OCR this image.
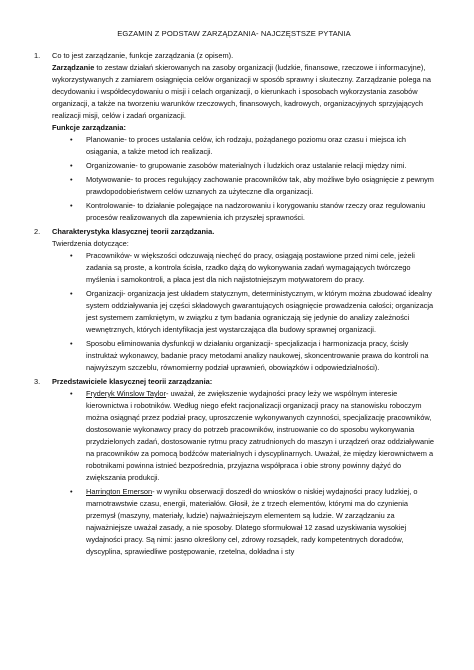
EGZAMIN Z PODSTAW ZARZĄDZANIA- NAJCZĘSTSZE PYTANIA
1.	Co to jest zarządzanie, funkcje zarządzania (z opisem).

Zarządzanie to zestaw działań skierowanych na zasoby organizacji (ludzkie, finansowe, rzeczowe i informacyjne), wykorzystywanych z zamiarem osiągnięcia celów organizacji w sposób sprawny i skuteczny. Zarządzanie polega na decydowaniu i współdecydowaniu o misji i celach organizacji, o kierunkach i sposobach wykorzystania zasobów organizacji, a także na tworzeniu warunków rzeczowych, finansowych, kadrowych, organizacyjnych sprzyjających realizacji misji, celów i zadań organizacji.

Funkcje zarządzania:
• Planowanie- to proces ustalania celów, ich rodzaju, pożądanego poziomu oraz czasu i miejsca ich osiągania, a także metod ich realizacji.
• Organizowanie- to grupowanie zasobów materialnych i ludzkich oraz ustalanie relacji między nimi.
• Motywowanie- to proces regulujący zachowanie pracowników tak, aby możliwe było osiągnięcie z pewnym prawdopodobieństwem celów uznanych za użyteczne dla organizacji.
• Kontrolowanie- to działanie polegające na nadzorowaniu i korygowaniu stanów rzeczy oraz regulowaniu procesów realizowanych dla zapewnienia ich przyszłej sprawności.
2.	Charakterystyka klasycznej teorii zarządzania.
Twierdzenia dotyczące:
• Pracowników- w większości odczuwają niechęć do pracy, osiągają postawione przed nimi cele, jeżeli zadania są proste, a kontrola ścisła, rzadko dążą do wykonywania zadań wymagających twórczego myślenia i samokontroli, a płaca jest dla nich najistotniejszym motywatorem do pracy.
• Organizacji- organizacja jest układem statycznym, deterministycznym, w którym można zbudować idealny system oddziaływania jej części składowych gwarantujących osiągnięcie prowadzenia całości; organizacja jest systemem zamkniętym, w związku z tym badania ograniczają się jedynie do analizy zależności wewnętrznych, których identyfikacja jest wystarczająca dla budowy sprawnej organizacji.
• Sposobu eliminowania dysfunkcji w działaniu organizacji- specjalizacja i harmonizacja pracy, ścisły instruktaż wykonawcy, badanie pracy metodami analizy naukowej, skoncentrowanie prawa do kontroli na najwyższym szczeblu, równomierny podział uprawnień, obowiązków i odpowiedzialności).
3.	Przedstawiciele klasycznej teorii zarządzania:
• Fryderyk Winslow Taylor- uważał, że zwiększenie wydajności pracy leży we wspólnym interesie kierownictwa i robotników. Według niego efekt racjonalizacji organizacji pracy na stanowisku roboczym można osiągnąć przez podział pracy, uproszczenie wykonywanych czynności, specjalizację pracowników, dostosowanie wykonawcy pracy do potrzeb pracowników, instruowanie co do sposobu wykonywania przydzielonych zadań, dostosowanie rytmu pracy zatrudnionych do maszyn i urządzeń oraz oddziaływanie na pracowników za pomocą bodźców materialnych i dyscyplinarnych. Uważał, że między kierownictwem a robotnikami powinna istnieć bezpośrednia, przyjazna współpraca i obie strony powinny dążyć do zwiększania produkcji.
• Harrington Emerson- w wyniku obserwacji doszedł do wniosków o niskiej wydajności pracy ludzkiej, o marnotrawstwie czasu, energii, materiałów. Głosił, że z trzech elementów, którymi ma do czynienia przemysł (maszyny, materiały, ludzie) najważniejszym elementem są ludzie. W zarządzaniu za najważniejsze uważał zasady, a nie sposoby. Dlatego sformułował 12 zasad uzyskiwania wysokiej wydajności pracy. Są nimi: jasno określony cel, zdrowy rozsądek, rady kompetentnych doradców, dyscyplina, sprawiedliwe postępowanie, rzetelna, dokładna i sty
